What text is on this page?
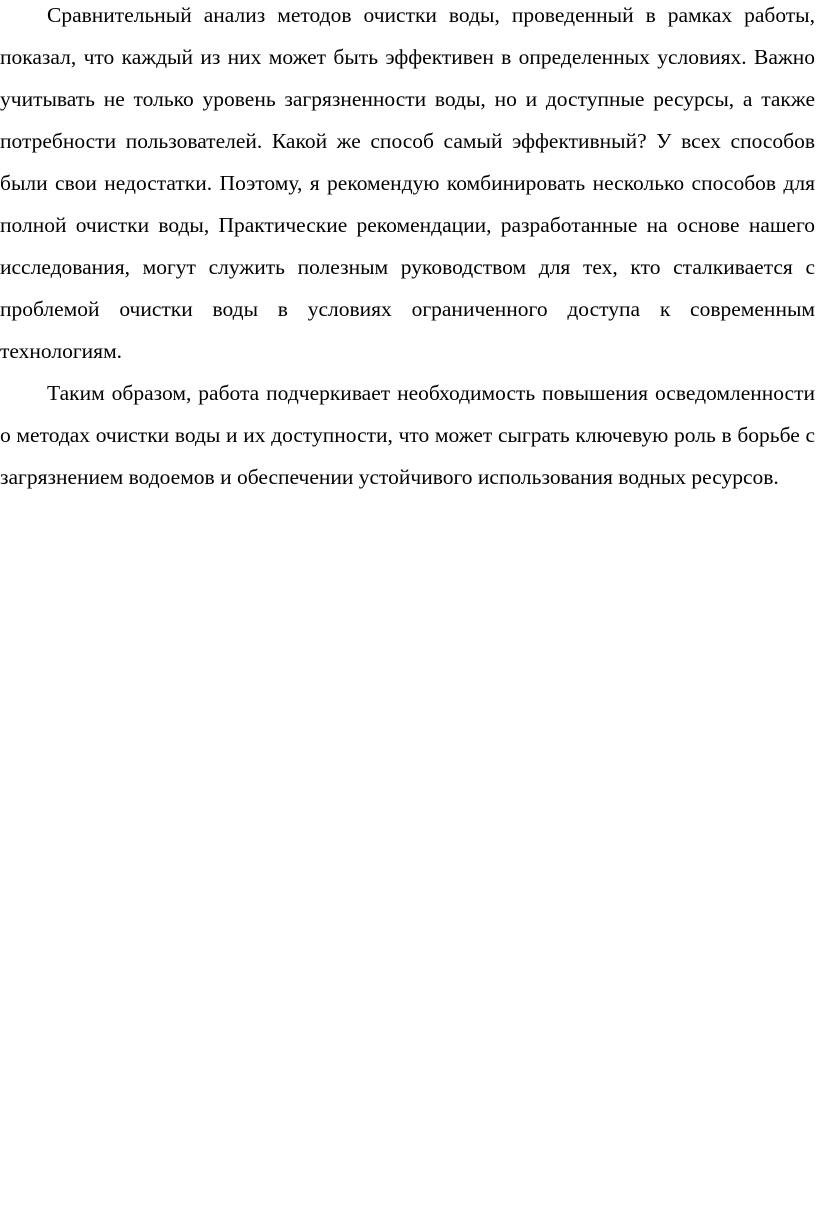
Сравнительный анализ методов очистки воды, проведенный в рамках работы, показал, что каждый из них может быть эффективен в определенных условиях. Важно учитывать не только уровень загрязненности воды, но и доступные ресурсы, а также потребности пользователей. Какой же способ самый эффективный? У всех способов были свои недостатки. Поэтому, я рекомендую комбинировать несколько способов для полной очистки воды, Практические рекомендации, разработанные на основе нашего исследования, могут служить полезным руководством для тех, кто сталкивается с проблемой очистки воды в условиях ограниченного доступа к современным технологиям.

Таким образом, работа подчеркивает необходимость повышения осведомленности о методах очистки воды и их доступности, что может сыграть ключевую роль в борьбе с загрязнением водоемов и обеспечении устойчивого использования водных ресурсов.
